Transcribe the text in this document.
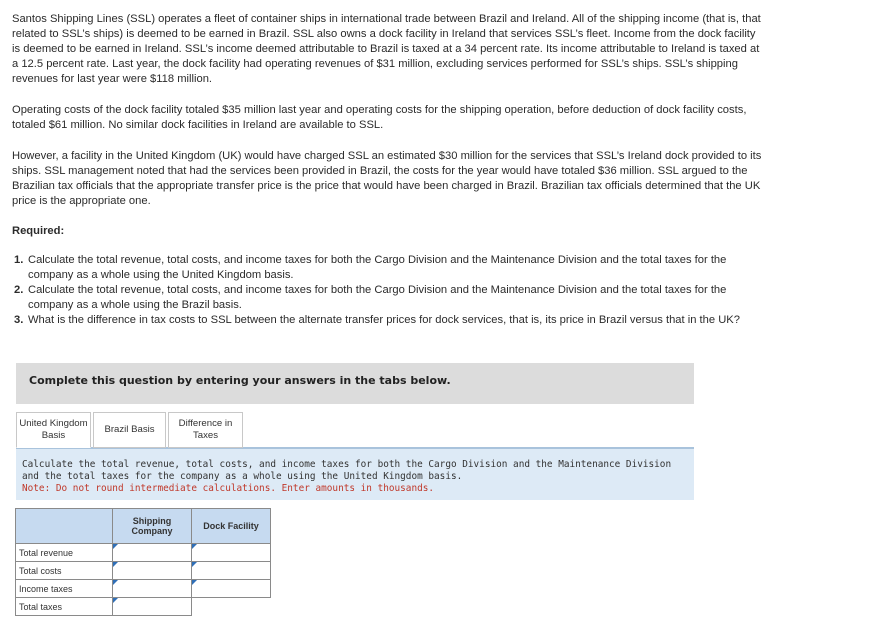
Santos Shipping Lines (SSL) operates a fleet of container ships in international trade between Brazil and Ireland. All of the shipping income (that is, that related to SSL’s ships) is deemed to be earned in Brazil. SSL also owns a dock facility in Ireland that services SSL’s fleet. Income from the dock facility is deemed to be earned in Ireland. SSL’s income deemed attributable to Brazil is taxed at a 34 percent rate. Its income attributable to Ireland is taxed at a 12.5 percent rate. Last year, the dock facility had operating revenues of $31 million, excluding services performed for SSL’s ships. SSL’s shipping revenues for last year were $118 million.

Operating costs of the dock facility totaled $35 million last year and operating costs for the shipping operation, before deduction of dock facility costs, totaled $61 million. No similar dock facilities in Ireland are available to SSL.

However, a facility in the United Kingdom (UK) would have charged SSL an estimated $30 million for the services that SSL’s Ireland dock provided to its ships. SSL management noted that had the services been provided in Brazil, the costs for the year would have totaled $36 million. SSL argued to the Brazilian tax officials that the appropriate transfer price is the price that would have been charged in Brazil. Brazilian tax officials determined that the UK price is the appropriate one.

Required:

1. Calculate the total revenue, total costs, and income taxes for both the Cargo Division and the Maintenance Division and the total taxes for the company as a whole using the United Kingdom basis.
2. Calculate the total revenue, total costs, and income taxes for both the Cargo Division and the Maintenance Division and the total taxes for the company as a whole using the Brazil basis.
3. What is the difference in tax costs to SSL between the alternate transfer prices for dock services, that is, its price in Brazil versus that in the UK?
Complete this question by entering your answers in the tabs below.
United Kingdom Basis
Brazil Basis
Difference in Taxes

Calculate the total revenue, total costs, and income taxes for both the Cargo Division and the Maintenance Division and the total taxes for the company as a whole using the United Kingdom basis.

Note: Do not round intermediate calculations. Enter amounts in thousands.

	Shipping Company	Dock Facility
Total revenue	

Total costs	

Income taxes	

Total taxes	
